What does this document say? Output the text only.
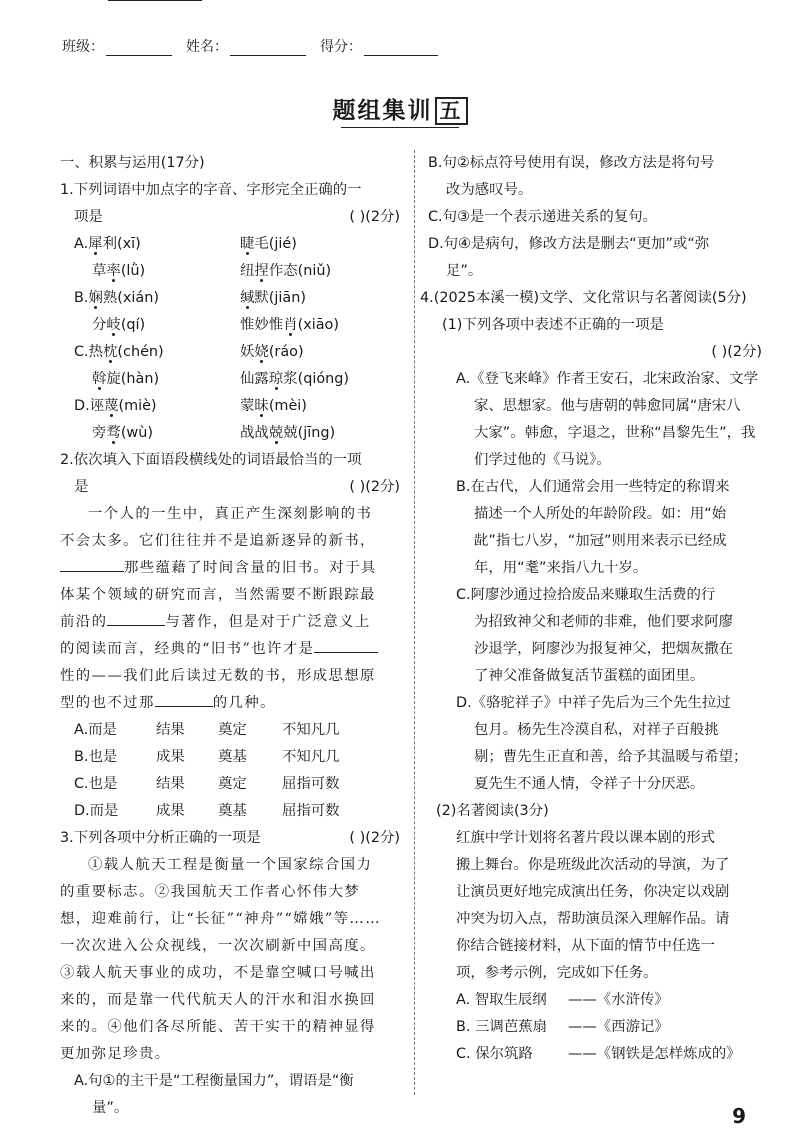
班级：	姓名：	得分：
题组集训 五

一、积累与运用(17分)

1.下列词语中加点字的字音、字形完全正确的一

项是	( )(2分)
A.犀利(xī)	睫毛(jié)
草率(lǜ)	纽捏作态(niǔ)
B.娴熟(xián)	缄默(jiān)
分岐(qí)	惟妙惟肖(xiāo)
C.热枕(chén)	妖娆(ráo)
斡旋(hàn)	仙露琼浆(qióng)
D.诬蔑(miè)	蒙昧(mèi)
旁骛(wù)	战战兢兢(jīng)

2.依次填入下面语段横线处的词语最恰当的一项

是	( )(2分)

一个人的一生中，真正产生深刻影响的书

不会太多。它们往往并不是追新逐异的新书，

那些蕴藉了时间含量的旧书。对于具

体某个领域的研究而言，当然需要不断跟踪最

前沿的	与著作，但是对于广泛意义上

的阅读而言，经典的“旧书”也许才是

性的——我们此后读过无数的书，形成思想原

型的也不过那	的几种。

A.而是	结果	奠定	不知凡几
B.也是	成果	奠基	不知凡几
C.也是	结果	奠定	屈指可数
D.而是	成果	奠基	屈指可数
3.下列各项中分析正确的一项是	( )(2分)

①载人航天工程是衡量一个国家综合国力

的重要标志。②我国航天工作者心怀伟大梦

想，迎难前行，让“长征”“神舟”“嫦娥”等……

一次次进入公众视线，一次次刷新中国高度。

③载人航天事业的成功，不是靠空喊口号喊出

来的，而是靠一代代航天人的汗水和泪水换回

来的。④他们各尽所能、苦干实干的精神显得

更加弥足珍贵。

A.句①的主干是“工程衡量国力”，谓语是“衡

量”。

B.句②标点符号使用有误，修改方法是将句号

改为感叹号。

C.句③是一个表示递进关系的复句。

D.句④是病句，修改方法是删去“更加”或“弥

足”。

4.(2025本溪一模)文学、文化常识与名著阅读(5分)

(1)下列各项中表述不正确的一项是

( )(2分)

A.《登飞来峰》作者王安石，北宋政治家、文学
家、思想家。他与唐朝的韩愈同属“唐宋八
大家”。韩愈，字退之，世称“昌黎先生”，我
们学过他的《马说》。
B.在古代，人们通常会用一些特定的称谓来
描述一个人所处的年龄阶段。如：用“始
龀”指七八岁，“加冠”则用来表示已经成
年，用“耄”来指八九十岁。
C.阿廖沙通过捡拾废品来赚取生活费的行
为招致神父和老师的非难，他们要求阿廖
沙退学，阿廖沙为报复神父，把烟灰撒在
了神父准备做复活节蛋糕的面团里。
D.《骆驼祥子》中祥子先后为三个先生拉过
包月。杨先生冷漠自私，对祥子百般挑
剔；曹先生正直和善，给予其温暖与希望；
夏先生不通人情，令祥子十分厌恶。

(2)名著阅读(3分)

红旗中学计划将名著片段以课本剧的形式
搬上舞台。你是班级此次活动的导演，为了
让演员更好地完成演出任务，你决定以戏剧
冲突为切入点，帮助演员深入理解作品。请
你结合链接材料，从下面的情节中任选一
项，参考示例，完成如下任务。
A. 智取生辰纲	——《水浒传》
B. 三调芭蕉扇	——《西游记》
C. 保尔筑路	——《钢铁是怎样炼成的》
9
